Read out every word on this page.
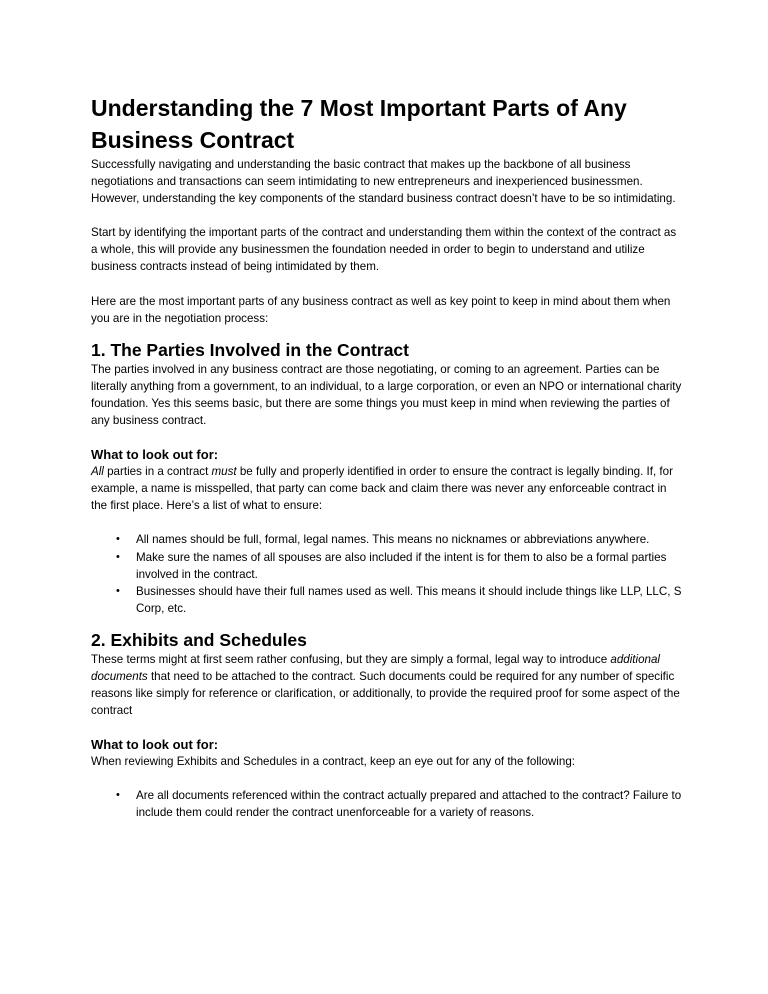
Understanding the 7 Most Important Parts of Any Business Contract

Successfully navigating and understanding the basic contract that makes up the backbone of all business negotiations and transactions can seem intimidating to new entrepreneurs and inexperienced businessmen. However, understanding the key components of the standard business contract doesn’t have to be so intimidating.

Start by identifying the important parts of the contract and understanding them within the context of the contract as a whole, this will provide any businessmen the foundation needed in order to begin to understand and utilize business contracts instead of being intimidated by them.

Here are the most important parts of any business contract as well as key point to keep in mind about them when you are in the negotiation process:

1. The Parties Involved in the Contract

The parties involved in any business contract are those negotiating, or coming to an agreement. Parties can be literally anything from a government, to an individual, to a large corporation, or even an NPO or international charity foundation. Yes this seems basic, but there are some things you must keep in mind when reviewing the parties of any business contract.

What to look out for:

All parties in a contract must be fully and properly identified in order to ensure the contract is legally binding. If, for example, a name is misspelled, that party can come back and claim there was never any enforceable contract in the first place. Here’s a list of what to ensure:

• All names should be full, formal, legal names. This means no nicknames or abbreviations anywhere.
• Make sure the names of all spouses are also included if the intent is for them to also be a formal parties involved in the contract.
• Businesses should have their full names used as well. This means it should include things like LLP, LLC, S Corp, etc.
2. Exhibits and Schedules

These terms might at first seem rather confusing, but they are simply a formal, legal way to introduce additional documents that need to be attached to the contract. Such documents could be required for any number of specific reasons like simply for reference or clarification, or additionally, to provide the required proof for some aspect of the contract

What to look out for:

When reviewing Exhibits and Schedules in a contract, keep an eye out for any of the following:

• Are all documents referenced within the contract actually prepared and attached to the contract? Failure to include them could render the contract unenforceable for a variety of reasons.
